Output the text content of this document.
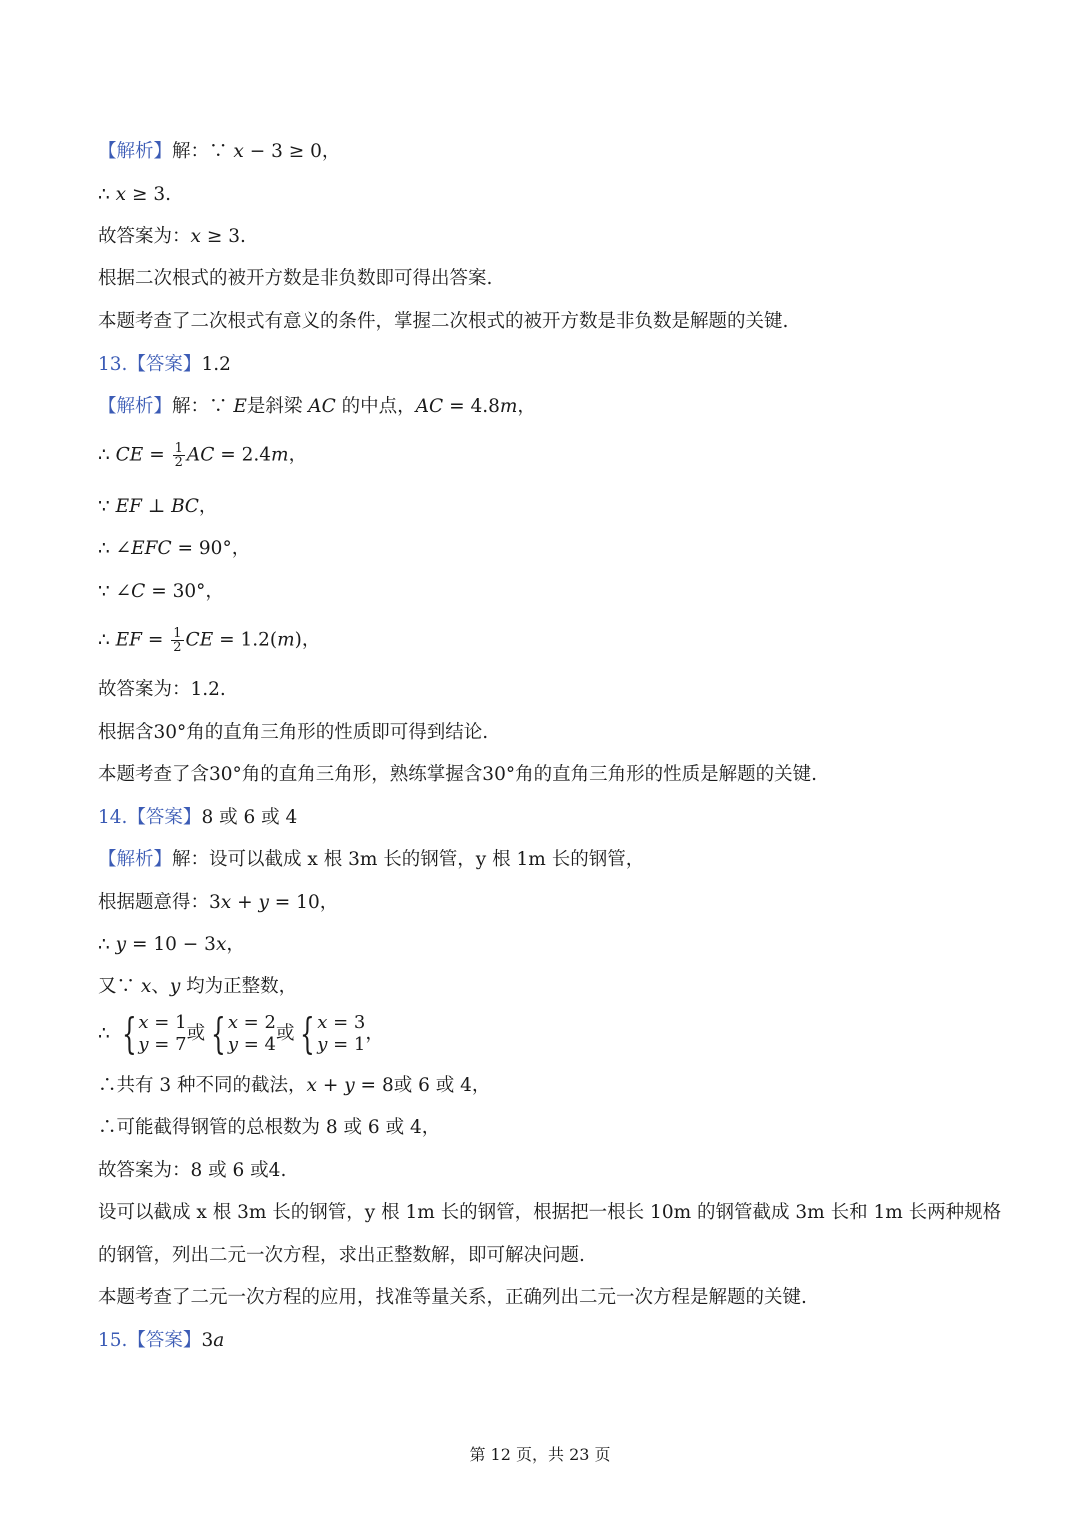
【解析】解：∵ 𝑥 − 3 ≥ 0，
∴ 𝑥 ≥ 3.
故答案为：𝑥 ≥ 3.
根据二次根式的被开方数是非负数即可得出答案.
本题考查了二次根式有意义的条件，掌握二次根式的被开方数是非负数是解题的关键.
13.【答案】1.2
【解析】解：∵ 𝐸是斜梁 𝐴𝐶 的中点，𝐴𝐶 = 4.8𝑚，
∴ 𝐶𝐸 = $\frac{1}{2}$ 𝐴𝐶 = 2.4𝑚，
∵ 𝐸𝐹 ⊥ 𝐵𝐶，
∴ ∠𝐸𝐹𝐶 = 90°，
∵ ∠𝐶 = 30°，
∴ 𝐸𝐹 = $\frac{1}{2}$ 𝐶𝐸 = 1.2(𝑚)，
故答案为：1.2.
根据含30°角的直角三角形的性质即可得到结论.
本题考查了含30°角的直角三角形，熟练掌握含30°角的直角三角形的性质是解题的关键.
14.【答案】8 或 6 或 4
【解析】解：设可以截成 x 根 3m 长的钢管，y 根 1m 长的钢管，
根据题意得：3𝑥 + 𝑦 = 10，
∴ 𝑦 = 10 − 3𝑥，
又∵ 𝑥、𝑦 均为正整数，
∴ { 𝑥 = 1
𝑦 = 7
或 { 𝑥 = 2
𝑦 = 4
或 { 𝑥 = 3
𝑦 = 1
，
∴共有 3 种不同的截法，𝑥 + 𝑦 = 8或 6 或 4，
∴可能截得钢管的总根数为 8 或 6 或 4，
故答案为：8 或 6 或4.
设可以截成 x 根 3m 长的钢管，y 根 1m 长的钢管，根据把一根长 10m 的钢管截成 3m 长和 1m 长两种规格
的钢管，列出二元一次方程，求出正整数解，即可解决问题.
本题考查了二元一次方程的应用，找准等量关系，正确列出二元一次方程是解题的关键.
15.【答案】3𝑎
第 12 页，共 23 页
